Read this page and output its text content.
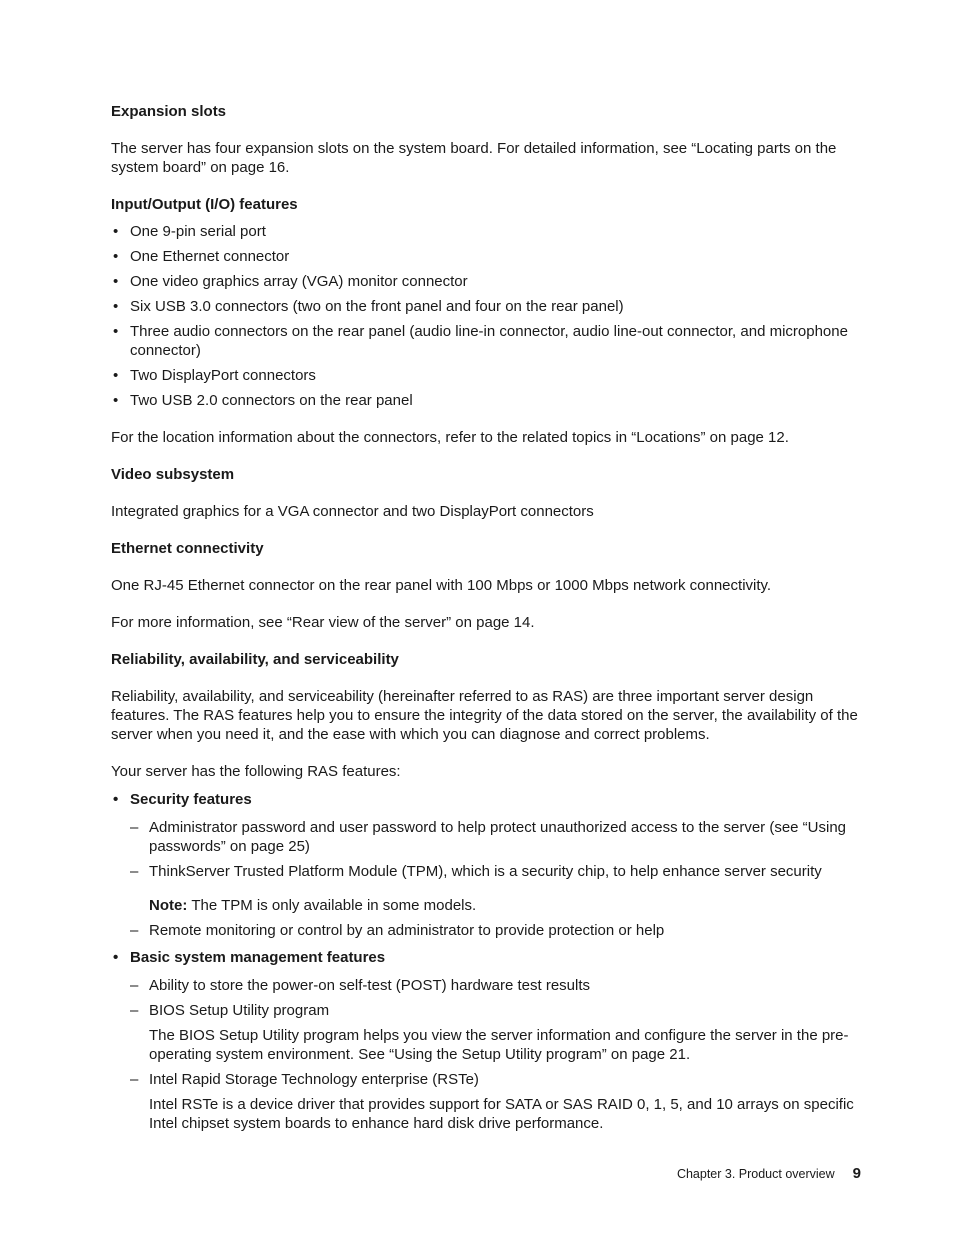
Expansion slots

The server has four expansion slots on the system board. For detailed information, see “Locating parts on the system board” on page 16.

Input/Output (I/O) features
• One 9-pin serial port
• One Ethernet connector
• One video graphics array (VGA) monitor connector
• Six USB 3.0 connectors (two on the front panel and four on the rear panel)
• Three audio connectors on the rear panel (audio line-in connector, audio line-out connector, and microphone connector)
• Two DisplayPort connectors
• Two USB 2.0 connectors on the rear panel

For the location information about the connectors, refer to the related topics in “Locations” on page 12.

Video subsystem

Integrated graphics for a VGA connector and two DisplayPort connectors

Ethernet connectivity

One RJ-45 Ethernet connector on the rear panel with 100 Mbps or 1000 Mbps network connectivity.

For more information, see “Rear view of the server” on page 14.

Reliability, availability, and serviceability

Reliability, availability, and serviceability (hereinafter referred to as RAS) are three important server design features. The RAS features help you to ensure the integrity of the data stored on the server, the availability of the server when you need it, and the ease with which you can diagnose and correct problems.

Your server has the following RAS features:

• Security features
– Administrator password and user password to help protect unauthorized access to the server (see “Using passwords” on page 25)
– ThinkServer Trusted Platform Module (TPM), which is a security chip, to help enhance server security
Note: The TPM is only available in some models.
– Remote monitoring or control by an administrator to provide protection or help
• Basic system management features
– Ability to store the power-on self-test (POST) hardware test results
– BIOS Setup Utility program

The BIOS Setup Utility program helps you view the server information and configure the server in the pre-operating system environment. See “Using the Setup Utility program” on page 21.

– Intel Rapid Storage Technology enterprise (RSTe)

Intel RSTe is a device driver that provides support for SATA or SAS RAID 0, 1, 5, and 10 arrays on specific Intel chipset system boards to enhance hard disk drive performance.

Chapter 3. Product overview 9
